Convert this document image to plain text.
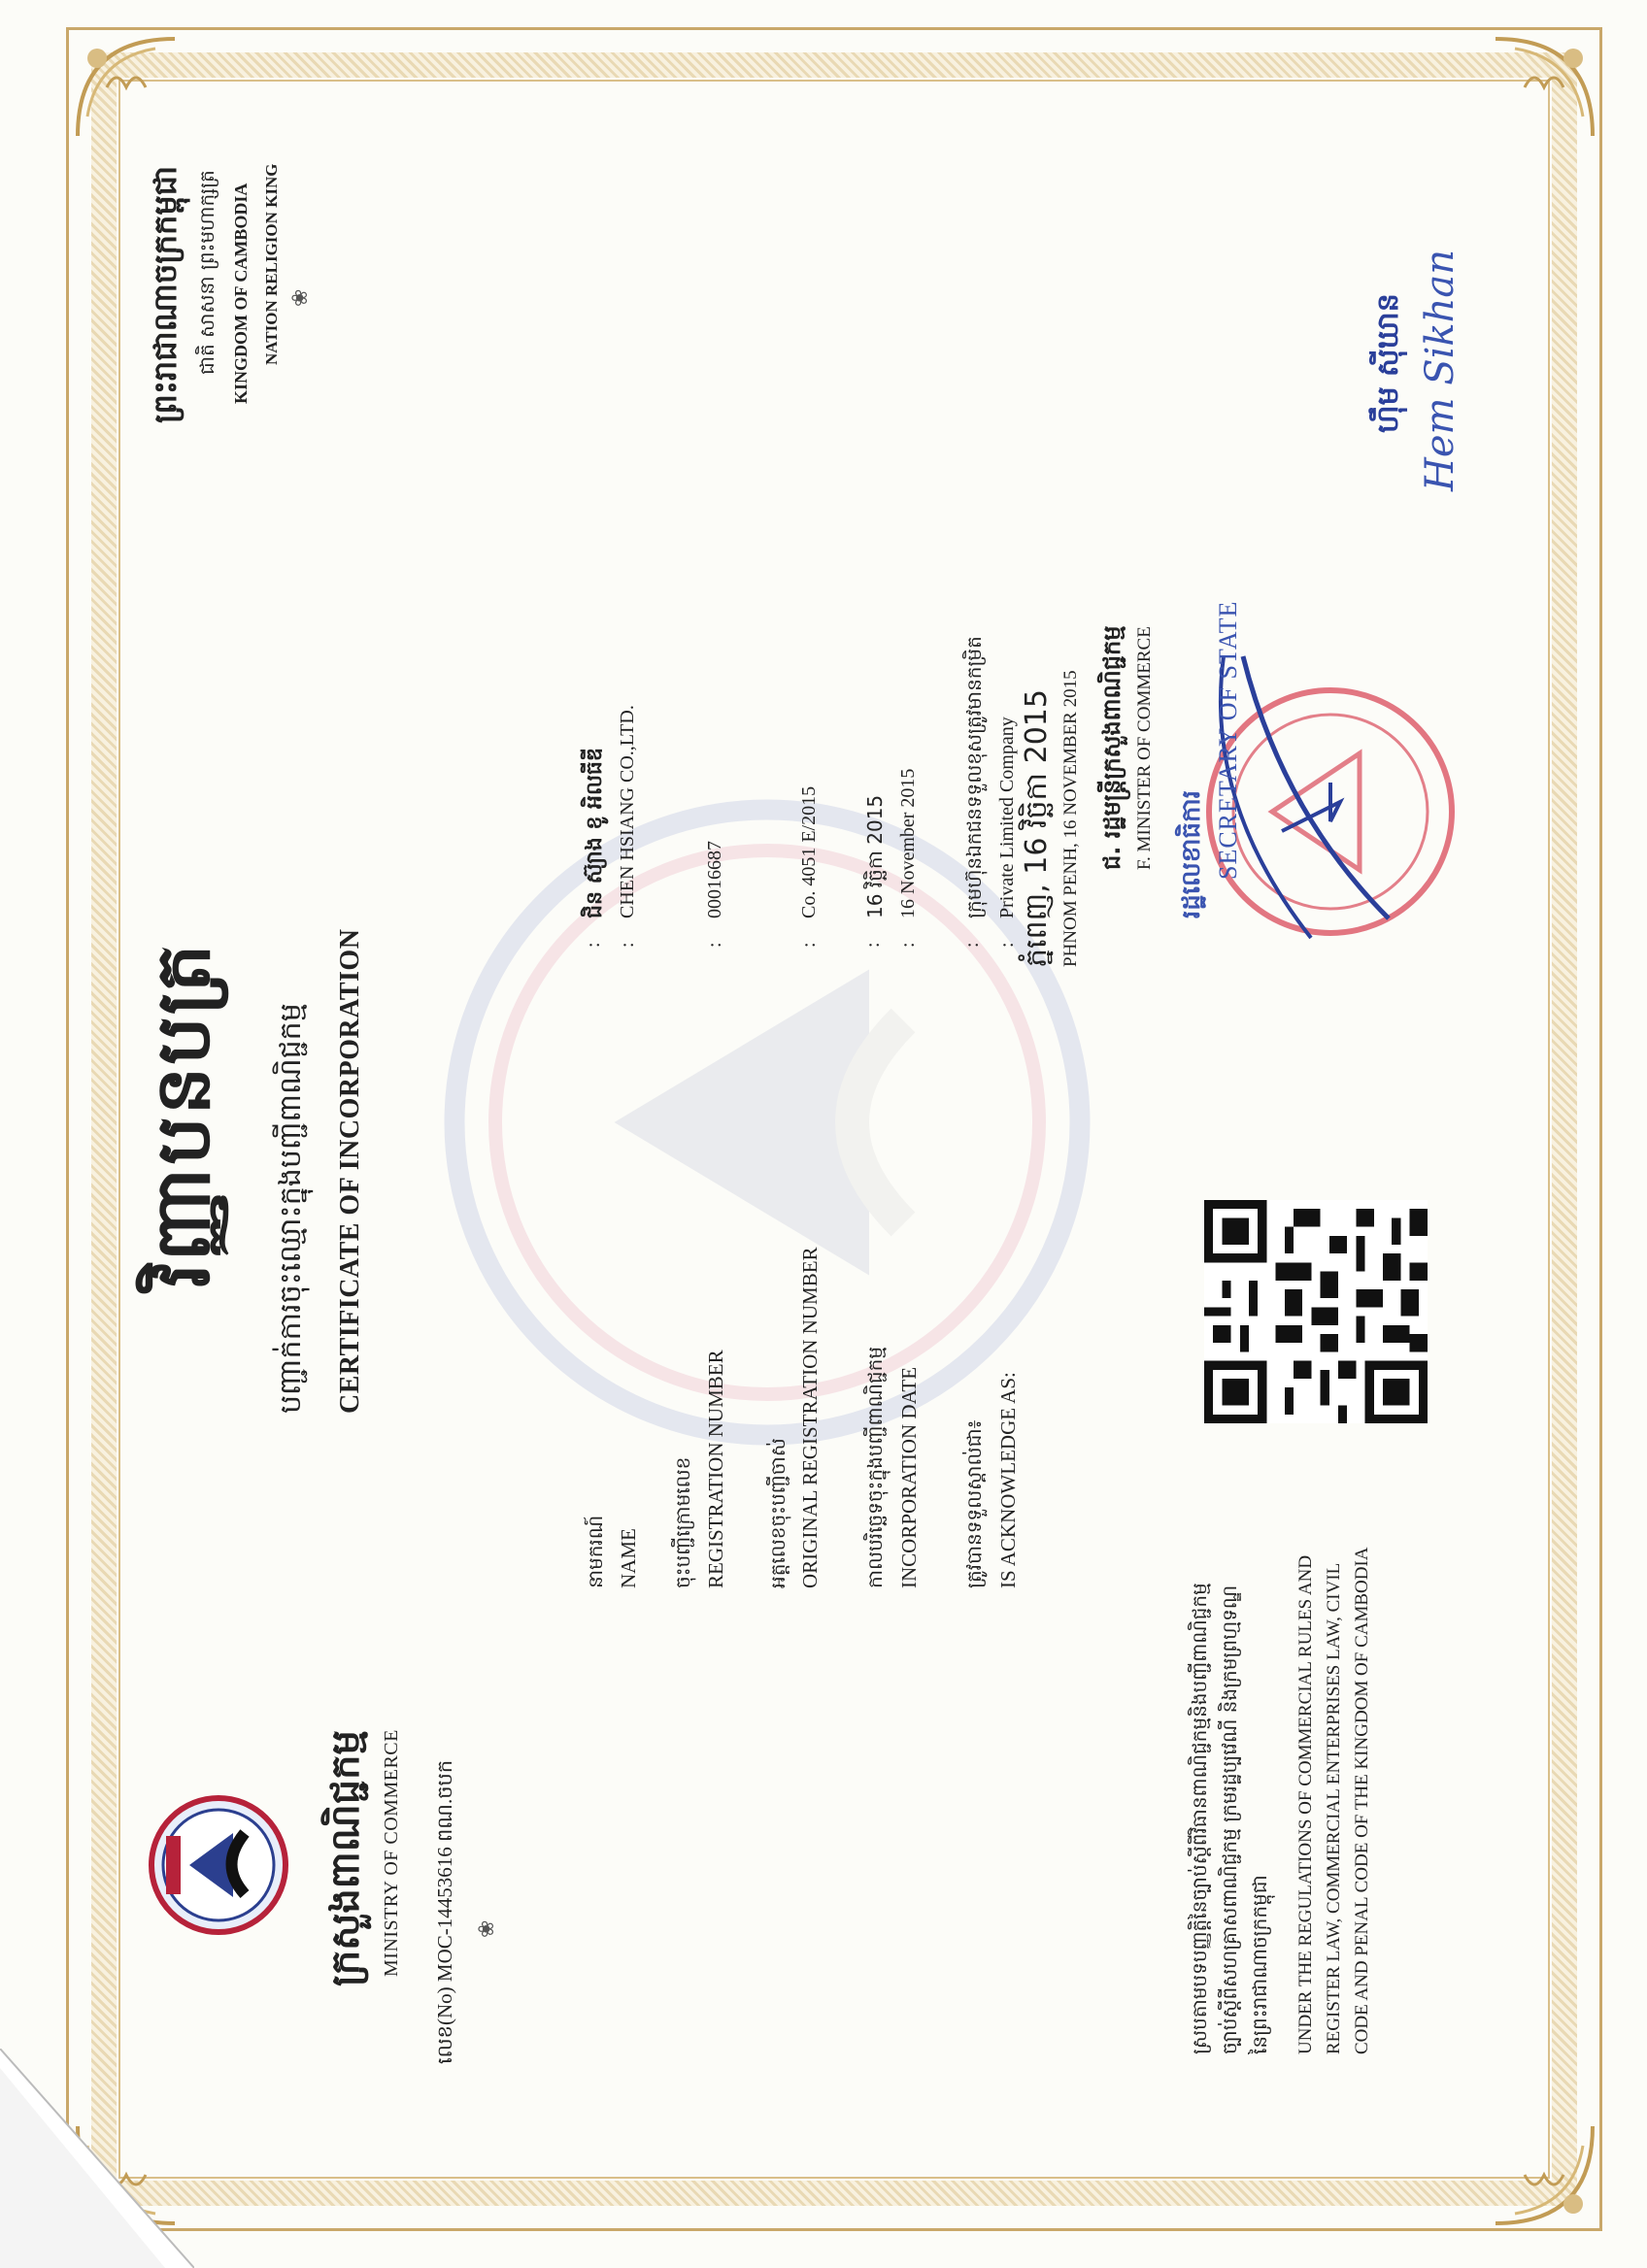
ក្រសួងពាណិជ្ជកម្ម MINISTRY OF COMMERCE លេខ(No) MOC-14453616 ពណ.ចបក ❀
នាមករណ៍ NAME
: :
ជិន ស៊្យាង ខូ អិលធីឌី CHEN HSIANG CO.,LTD.
ចុះបញ្ជីក្រោមលេខ REGISTRATION NUMBER
:
00016687
អត្តលេខចុះបញ្ជីចាស់ ORIGINAL REGISTRATION NUMBER
:
Co. 4051 E/2015
កាលបរិច្ឆេទចុះក្នុងបញ្ជីពាណិជ្ជកម្ម INCORPORATION DATE
: :
16 វិច្ឆិកា 2015 16 November 2015
ត្រូវបានទទួលស្គាល់ជា៖ IS ACKNOWLEDGE AS:
: :
ក្រុមហ៊ុនឯកជនទទួលខុសត្រូវមានកម្រិត Private Limited Company
ស្របតាមបទបញ្ញត្តិនៃច្បាប់ស្តីពីវិធានពាណិជ្ជកម្មនិងបញ្ជីពាណិជ្ជកម្ម ច្បាប់ស្តីពីសហគ្រាសពាណិជ្ជកម្ម ក្រមរដ្ឋប្បវេណី និងក្រមព្រហ្មទណ្ឌ នៃព្រះរាជាណាចក្រកម្ពុជា UNDER THE REGULATIONS OF COMMERCIAL RULES AND REGISTER LAW, COMMERCIAL ENTERPRISES LAW, CIVIL CODE AND PENAL CODE OF THE KINGDOM OF CAMBODIA
វិញ្ញាបនបត្រ	បញ្ជាក់ការចុះឈ្មោះក្នុងបញ្ជីពាណិជ្ជកម្ម CERTIFICATE OF INCORPORATION
ព្រះរាជាណាចក្រកម្ពុជា ជាតិ សាសនា ព្រះមហាក្សត្រ KINGDOM OF CAMBODIA NATION RELIGION KING ❀
ភ្នំពេញ, 16 វិច្ឆិកា 2015 PHNOM PENH, 16 NOVEMBER 2015 ជ. រដ្ឋមន្ត្រីក្រសួងពាណិជ្ជកម្ម F. MINISTER OF COMMERCE រដ្ឋលេខាធិការ SECRETARY OF STATE
ហ៊ឹម ស៊ីឃាន Hem Sikhan
